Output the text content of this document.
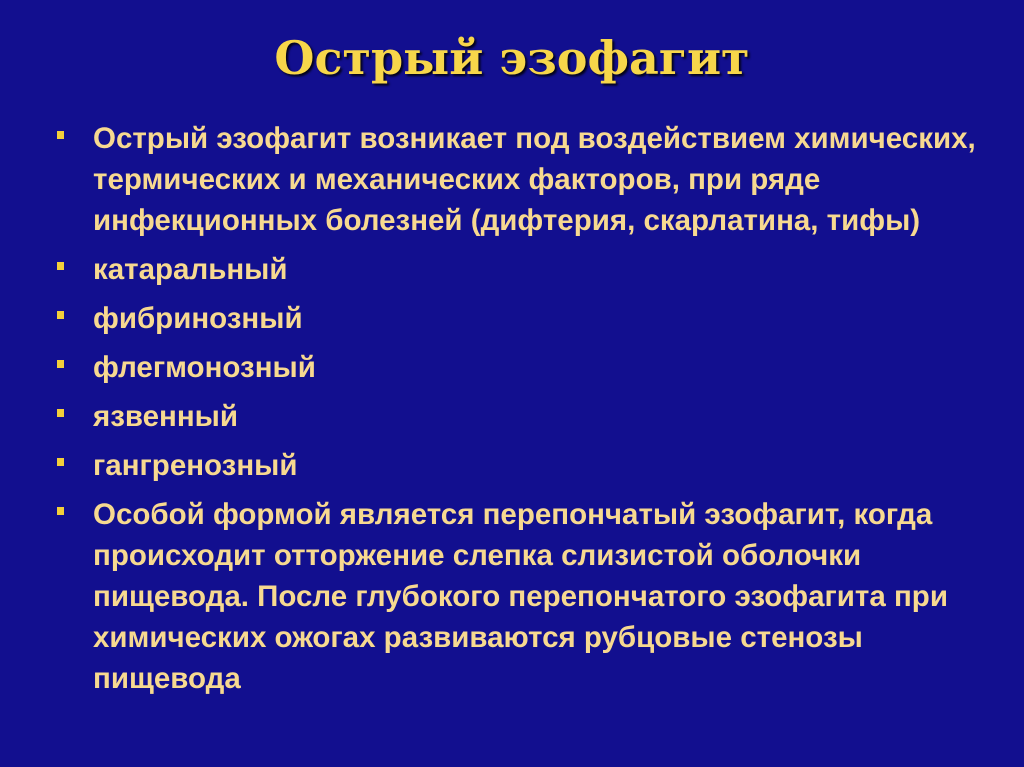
Острый эзофагит
Острый эзофагит возникает под воздействием химических, термических и механических факторов, при ряде инфекционных болезней (дифтерия, скарлатина, тифы)
катаральный
фибринозный
флегмонозный
язвенный
гангренозный
Особой формой является перепончатый эзофагит, когда происходит отторжение слепка слизистой оболочки пищевода. После глубокого перепончатого эзофагита при химических ожогах развиваются рубцовые стенозы пищевода
